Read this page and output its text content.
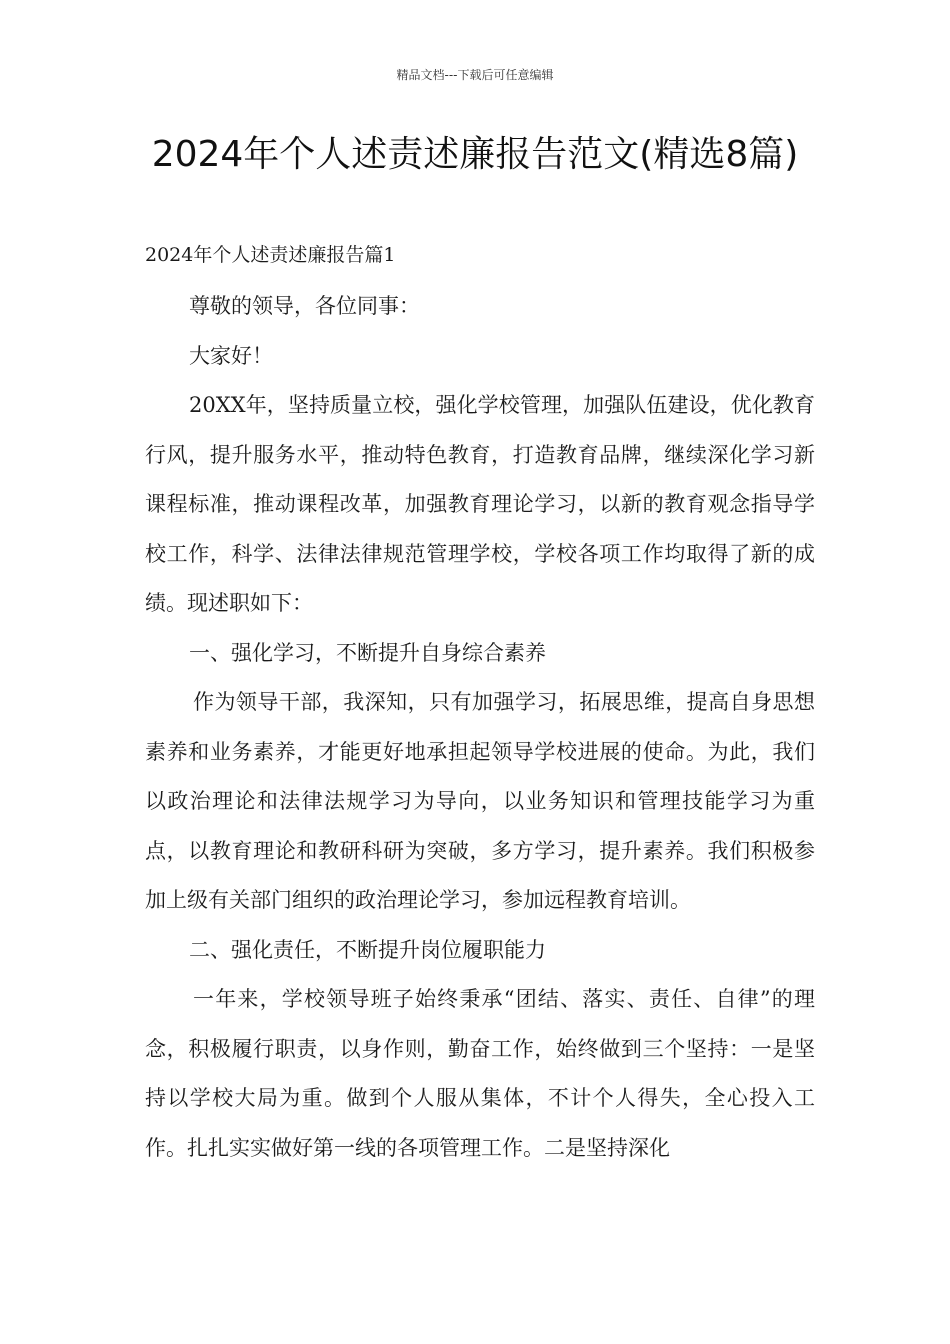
精品文档---下载后可任意编辑
2024年个人述责述廉报告范文(精选8篇)

2024年个人述责述廉报告篇1

尊敬的领导，各位同事：

大家好！

20XX年，坚持质量立校，强化学校管理，加强队伍建设，优化教育行风，提升服务水平，推动特色教育，打造教育品牌，继续深化学习新课程标准，推动课程改革，加强教育理论学习，以新的教育观念指导学校工作，科学、法律法律规范管理学校，学校各项工作均取得了新的成绩。现述职如下：

一、强化学习，不断提升自身综合素养

作为领导干部，我深知，只有加强学习，拓展思维，提高自身思想素养和业务素养，才能更好地承担起领导学校进展的使命。为此，我们以政治理论和法律法规学习为导向，以业务知识和管理技能学习为重点，以教育理论和教研科研为突破，多方学习，提升素养。我们积极参加上级有关部门组织的政治理论学习，参加远程教育培训。

二、强化责任，不断提升岗位履职能力

一年来，学校领导班子始终秉承“团结、落实、责任、自律”的理念，积极履行职责，以身作则，勤奋工作，始终做到三个坚持：一是坚持以学校大局为重。做到个人服从集体，不计个人得失，全心投入工作。扎扎实实做好第一线的各项管理工作。二是坚持深化
